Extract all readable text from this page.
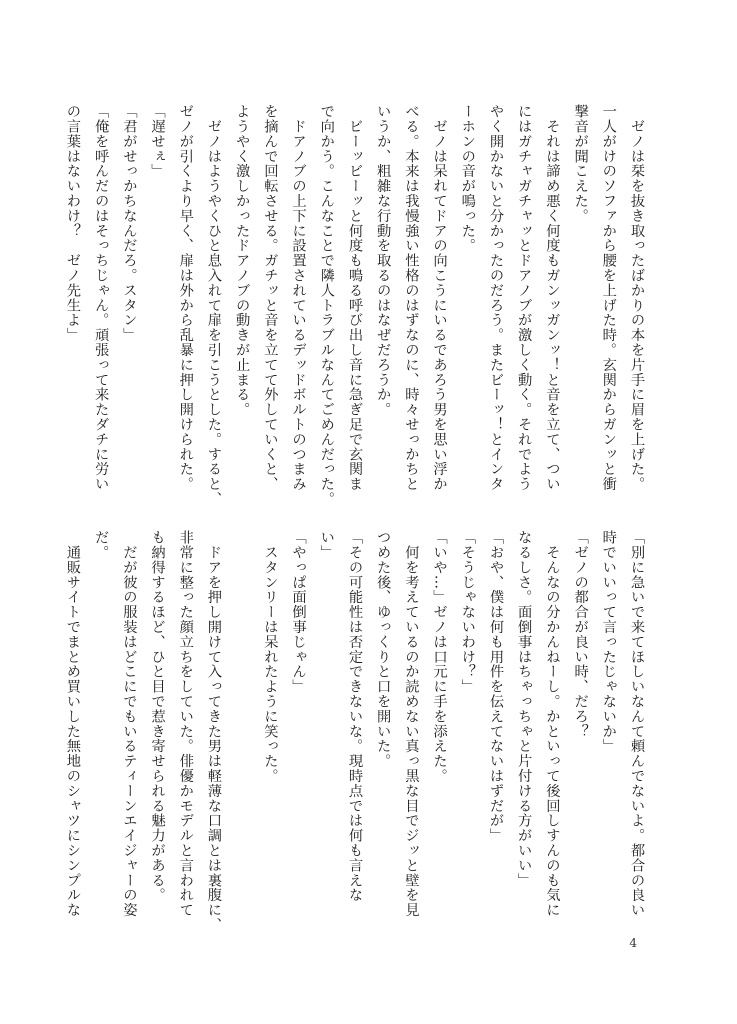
　ゼノは栞を抜き取ったばかりの本を片手に眉を上げた。
一人がけのソファから腰を上げた時。玄関からガンッと衝
撃音が聞こえた。
　それは諦め悪く何度もガンッガンッ！と音を立て、つい
にはガチャガチャッとドアノブが激しく動く。それでよう
やく開かないと分かったのだろう。またビーッ！とインタ
ーホンの音が鳴った。
　ゼノは呆れてドアの向こうにいるであろう男を思い浮か
べる。本来は我慢強い性格のはずなのに、時々せっかちと
いうか、粗雑な行動を取るのはなぜだろうか。
　ビーッビーッと何度も鳴る呼び出し音に急ぎ足で玄関ま
で向かう。こんなことで隣人トラブルなんてごめんだった。
　ドアノブの上下に設置されているデッドボルトのつまみ
を摘んで回転させる。ガチッと音を立てて外していくと、
ようやく激しかったドアノブの動きが止まる。
　ゼノはようやくひと息入れて扉を引こうとした。すると、
ゼノが引くより早く、扉は外から乱暴に押し開けられた。
「遅せぇ」
「君がせっかちなんだろ。スタン」
「俺を呼んだのはそっちじゃん。頑張って来たダチに労い
の言葉はないわけ？　ゼノ先生よ」
「別に急いで来てほしいなんて頼んでないよ。都合の良い
時でいいって言ったじゃないか」
「ゼノの都合が良い時、だろ？
　そんなの分かんねーし。かといって後回しすんのも気に
なるしさ。面倒事はちゃっちゃと片付ける方がいい」
「おや、僕は何も用件を伝えてないはずだが」
「そうじゃないわけ？」
「いや…」ゼノは口元に手を添えた。
　何を考えているのか読めない真っ黒な目でジッと壁を見
つめた後、ゆっくりと口を開いた。
「その可能性は否定できないな。現時点では何も言えな
い」
「やっぱ面倒事じゃん」
　スタンリーは呆れたように笑った。

　ドアを押し開けて入ってきた男は軽薄な口調とは裏腹に、
非常に整った顔立ちをしていた。俳優かモデルと言われて
も納得するほど、ひと目で惹き寄せられる魅力がある。
　だが彼の服装はどこにでもいるティーンエイジャーの姿
だ。
　通販サイトでまとめ買いした無地のシャツにシンプルな
4
